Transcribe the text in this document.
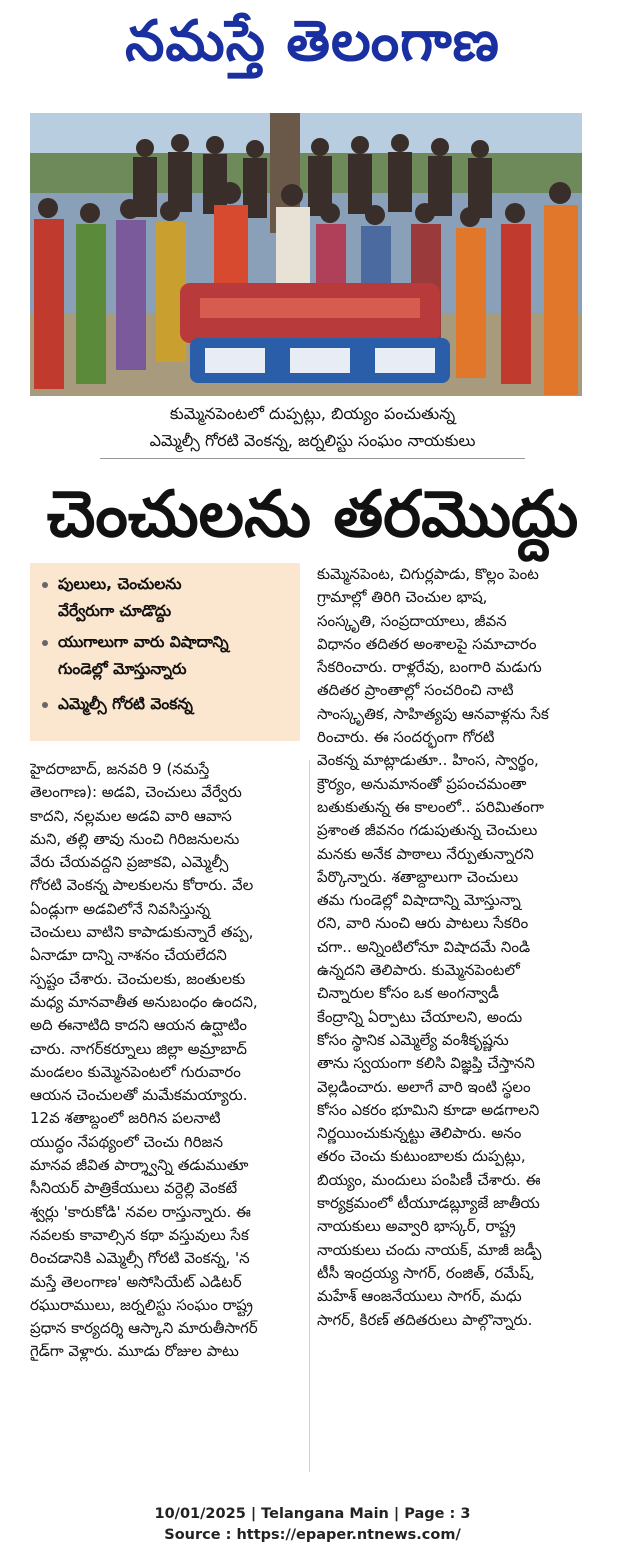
నమస్తే తెలంగాణ
కుమ్మెనపెంటలో దుప్పట్లు, బియ్యం పంచుతున్న
ఎమ్మెల్సీ గోరటి వెంకన్న, జర్నలిస్టు సంఘం నాయకులు
చెంచులను తరమొద్దు
పులులు, చెంచులను
వేర్వేరుగా చూడొద్దు
యుగాలుగా వారు విషాదాన్ని
గుండెల్లో మోస్తున్నారు
ఎమ్మెల్సీ గోరటి వెంకన్న
హైదరాబాద్, జనవరి 9 (నమస్తే
తెలంగాణ): అడవి, చెంచులు వేర్వేరు
కాదని, నల్లమల అడవి వారి ఆవాస
మని, తల్లి తావు నుంచి గిరిజనులను
వేరు చేయవద్దని ప్రజాకవి, ఎమ్మెల్సీ
గోరటి వెంకన్న పాలకులను కోరారు. వేల
ఏండ్లుగా అడవిలోనే నివసిస్తున్న
చెంచులు వాటిని కాపాడుకున్నారే తప్ప,
ఏనాడూ దాన్ని నాశనం చేయలేదని
స్పష్టం చేశారు. చెంచులకు, జంతులకు
మధ్య మానవాతీత అనుబంధం ఉందని,
అది ఈనాటిది కాదని ఆయన ఉద్ఘాటిం
చారు. నాగర్‌కర్నూలు జిల్లా అమ్రాబాద్
మండలం కుమ్మెనపెంటలో గురువారం
ఆయన చెంచులతో మమేకమయ్యారు.
12వ శతాబ్దంలో జరిగిన పలనాటి
యుద్ధం నేపథ్యంలో చెంచు గిరిజన
మానవ జీవిత పార్శ్వాన్ని తడుముతూ
సీనియర్ పాత్రికేయులు వర్దెల్లి వెంకటే
శ్వర్లు 'కారుకోడి' నవల రాస్తున్నారు. ఈ
నవలకు కావాల్సిన కథా వస్తువులు సేక
రించడానికి ఎమ్మెల్సీ గోరటి వెంకన్న, 'న
మస్తే తెలంగాణ' అసోసియేట్ ఎడిటర్
రఘురాములు, జర్నలిస్టు సంఘం రాష్ట్ర
ప్రధాన కార్యదర్శి ఆస్కాని మారుతీసాగర్
గైడ్‌గా వెళ్లారు. మూడు రోజుల పాటు
కుమ్మెనపెంట, చిగుర్లపాడు, కొల్లం పెంట
గ్రామాల్లో తిరిగి చెంచుల భాష,
సంస్కృతి, సంప్రదాయాలు, జీవన
విధానం తదితర అంశాలపై సమాచారం
సేకరించారు. రాళ్లరేవు, బంగారి మడుగు
తదితర ప్రాంతాల్లో సంచరించి నాటి
సాంస్కృతిక, సాహిత్యపు ఆనవాళ్లను సేక
రించారు. ఈ సందర్భంగా గోరటి
వెంకన్న మాట్లాడుతూ.. హింస, స్వార్థం,
క్రౌర్యం, అనుమానంతో ప్రపంచమంతా
బతుకుతున్న ఈ కాలంలో.. పరిమితంగా
ప్రశాంత జీవనం గడుపుతున్న చెంచులు
మనకు అనేక పాఠాలు నేర్పుతున్నారని
పేర్కొన్నారు. శతాబ్దాలుగా చెంచులు
తమ గుండెల్లో విషాదాన్ని మోస్తున్నా
రని, వారి నుంచి ఆరు పాటలు సేకరిం
చగా.. అన్నింటిలోనూ విషాదమే నిండి
ఉన్నదని తెలిపారు. కుమ్మెనపెంటలో
చిన్నారుల కోసం ఒక అంగన్వాడీ
కేంద్రాన్ని ఏర్పాటు చేయాలని, అందు
కోసం స్థానిక ఎమ్మెల్యే వంశీకృష్ణను
తాను స్వయంగా కలిసి విజ్ఞప్తి చేస్తానని
వెల్లడించారు. అలాగే వారి ఇంటి స్థలం
కోసం ఎకరం భూమిని కూడా అడగాలని
నిర్ణయించుకున్నట్టు తెలిపారు. అనం
తరం చెంచు కుటుంబాలకు దుప్పట్లు,
బియ్యం, మందులు పంపిణీ చేశారు. ఈ
కార్యక్రమంలో టీయూడబ్ల్యూజే జాతీయ
నాయకులు అవ్వారి భాస్కర్, రాష్ట్ర
నాయకులు చందు నాయక్, మాజీ జడ్పీ
టీసీ ఇంద్రయ్య సాగర్, రంజిత్, రమేష్,
మహేశ్ ఆంజనేయులు సాగర్, మధు
సాగర్, కిరణ్ తదితరులు పాల్గొన్నారు.
10/01/2025 | Telangana Main | Page : 3
Source : https://epaper.ntnews.com/
